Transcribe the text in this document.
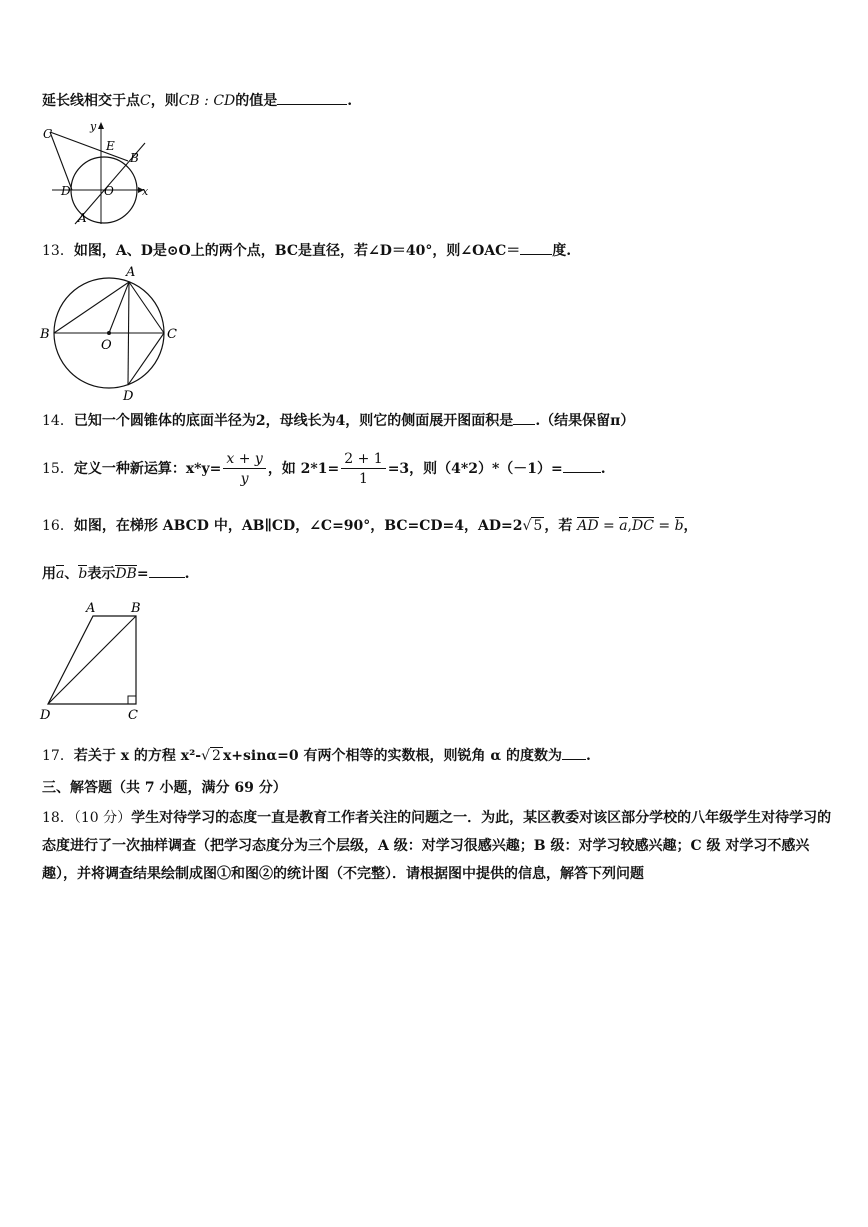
延长线相交于点C，则CB : CD的值是	.
C
y
E
B
D	O	x
A
13．如图，A、D是⊙O上的两个点，BC是直径，若∠D＝40°，则∠OAC＝ 度.
A
B	C
O
D
14．已知一个圆锥体的底面半径为2，母线长为4，则它的侧面展开图面积是 .（结果保留π）
15．定义一种新运算：$x*y= \frac{x + y}{y}$ ，如 $2*1= \frac{2 + 1}{1} =3$，则（4*2）*（－1）=	.
16．如图，在梯形 ABCD 中，AB∥CD，∠C=90°，BC=CD=4，AD=2√ 5 ，若 AD = a,DC = b，
用a、b表示DB=	.
A	B
D	C
17．若关于 x 的方程 x²-√ 2 x+sinα=0 有两个相等的实数根，则锐角 α 的度数为 .
三、解答题（共 7 小题，满分 69 分）
18．（10 分）学生对待学习的态度一直是教育工作者关注的问题之一．为此，某区教委对该区部分学校的八年级学生对待学习的态度进行了一次抽样调查（把学习态度分为三个层级，A 级：对学习很感兴趣；B 级：对学习较感兴趣；C 级 对学习不感兴趣），并将调查结果绘制成图①和图②的统计图（不完整）．请根据图中提供的信息，解答下列问题
